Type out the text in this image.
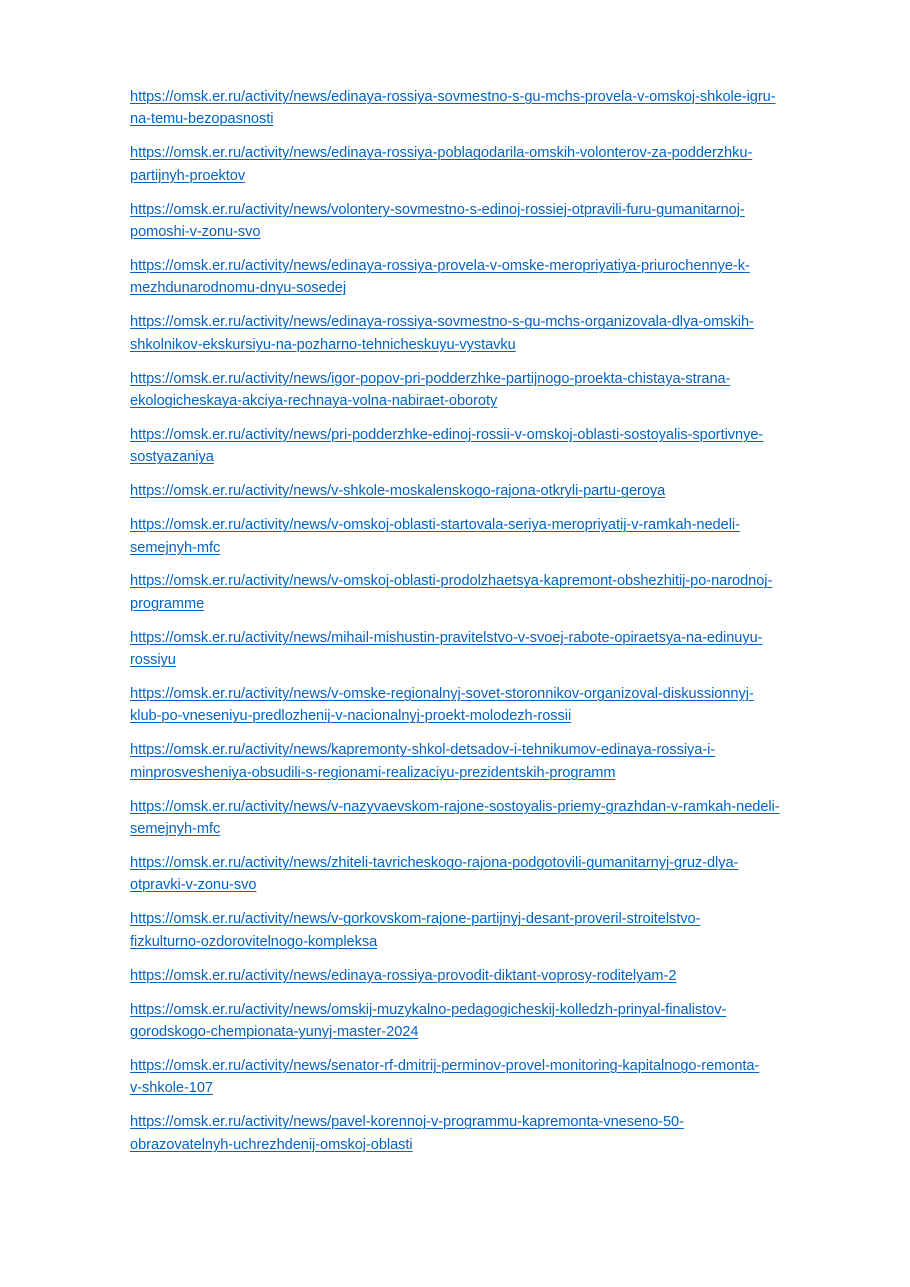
https://omsk.er.ru/activity/news/edinaya-rossiya-sovmestno-s-gu-mchs-provela-v-omskoj-shkole-igru-
na-temu-bezopasnosti
https://omsk.er.ru/activity/news/edinaya-rossiya-poblagodarila-omskih-volonterov-za-podderzhku-
partijnyh-proektov
https://omsk.er.ru/activity/news/volontery-sovmestno-s-edinoj-rossiej-otpravili-furu-gumanitarnoj-
pomoshi-v-zonu-svo
https://omsk.er.ru/activity/news/edinaya-rossiya-provela-v-omske-meropriyatiya-priurochennye-k-
mezhdunarodnomu-dnyu-sosedej
https://omsk.er.ru/activity/news/edinaya-rossiya-sovmestno-s-gu-mchs-organizovala-dlya-omskih-
shkolnikov-ekskursiyu-na-pozharno-tehnicheskuyu-vystavku
https://omsk.er.ru/activity/news/igor-popov-pri-podderzhke-partijnogo-proekta-chistaya-strana-
ekologicheskaya-akciya-rechnaya-volna-nabiraet-oboroty
https://omsk.er.ru/activity/news/pri-podderzhke-edinoj-rossii-v-omskoj-oblasti-sostoyalis-sportivnye-
sostyazaniya
https://omsk.er.ru/activity/news/v-shkole-moskalenskogo-rajona-otkryli-partu-geroya
https://omsk.er.ru/activity/news/v-omskoj-oblasti-startovala-seriya-meropriyatij-v-ramkah-nedeli-
semejnyh-mfc
https://omsk.er.ru/activity/news/v-omskoj-oblasti-prodolzhaetsya-kapremont-obshezhitij-po-narodnoj-
programme
https://omsk.er.ru/activity/news/mihail-mishustin-pravitelstvo-v-svoej-rabote-opiraetsya-na-edinuyu-
rossiyu
https://omsk.er.ru/activity/news/v-omske-regionalnyj-sovet-storonnikov-organizoval-diskussionnyj-
klub-po-vneseniyu-predlozhenij-v-nacionalnyj-proekt-molodezh-rossii
https://omsk.er.ru/activity/news/kapremonty-shkol-detsadov-i-tehnikumov-edinaya-rossiya-i-
minprosvesheniya-obsudili-s-regionami-realizaciyu-prezidentskih-programm
https://omsk.er.ru/activity/news/v-nazyvaevskom-rajone-sostoyalis-priemy-grazhdan-v-ramkah-nedeli-
semejnyh-mfc
https://omsk.er.ru/activity/news/zhiteli-tavricheskogo-rajona-podgotovili-gumanitarnyj-gruz-dlya-
otpravki-v-zonu-svo
https://omsk.er.ru/activity/news/v-gorkovskom-rajone-partijnyj-desant-proveril-stroitelstvo-
fizkulturno-ozdorovitelnogo-kompleksa
https://omsk.er.ru/activity/news/edinaya-rossiya-provodit-diktant-voprosy-roditelyam-2
https://omsk.er.ru/activity/news/omskij-muzykalno-pedagogicheskij-kolledzh-prinyal-finalistov-
gorodskogo-chempionata-yunyj-master-2024
https://omsk.er.ru/activity/news/senator-rf-dmitrij-perminov-provel-monitoring-kapitalnogo-remonta-
v-shkole-107
https://omsk.er.ru/activity/news/pavel-korennoj-v-programmu-kapremonta-vneseno-50-
obrazovatelnyh-uchrezhdenij-omskoj-oblasti
